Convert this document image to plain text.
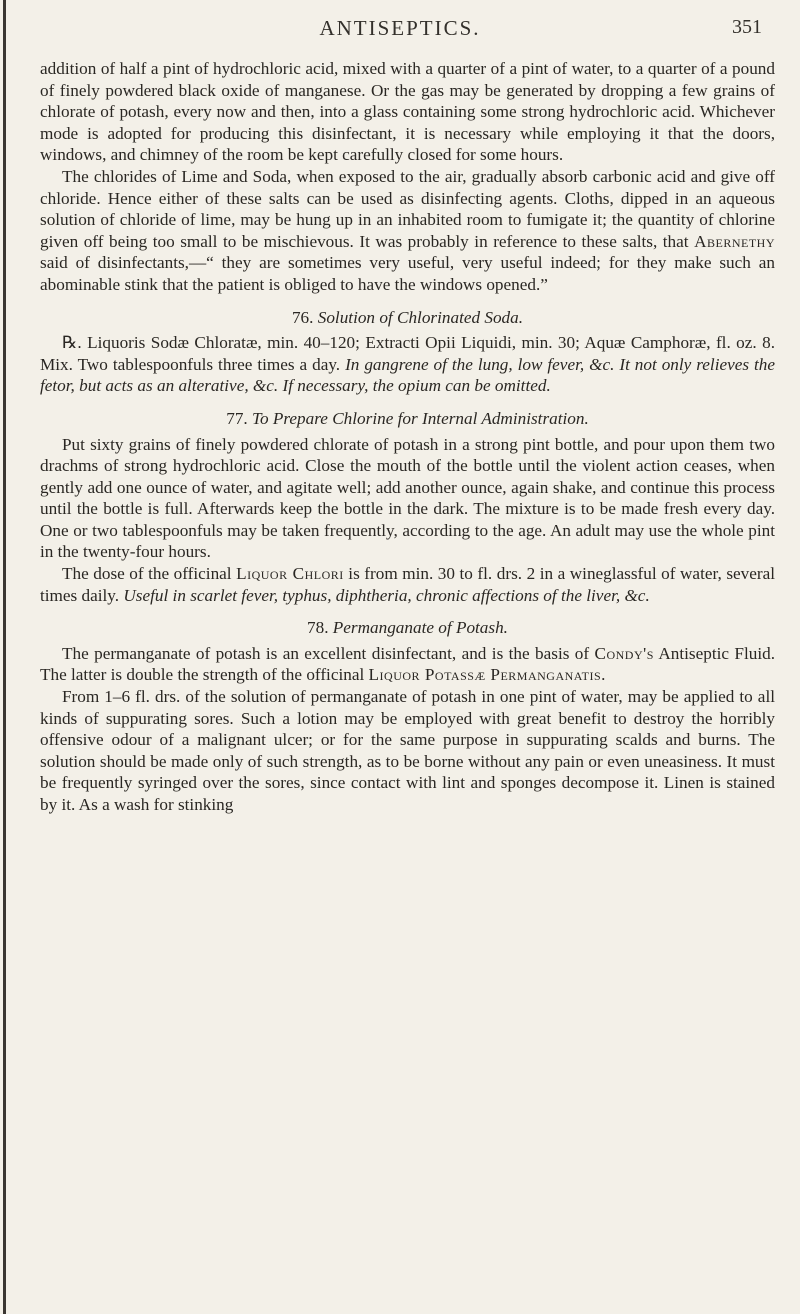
ANTISEPTICS.	351

addition of half a pint of hydrochloric acid, mixed with a quarter of a pint of water, to a quarter of a pound of finely powdered black oxide of manganese. Or the gas may be generated by dropping a few grains of chlorate of potash, every now and then, into a glass containing some strong hydrochloric acid. Whichever mode is adopted for producing this disinfectant, it is necessary while employing it that the doors, windows, and chimney of the room be kept carefully closed for some hours.

The chlorides of Lime and Soda, when exposed to the air, gradually absorb carbonic acid and give off chloride. Hence either of these salts can be used as disinfecting agents. Cloths, dipped in an aqueous solution of chloride of lime, may be hung up in an inhabited room to fumigate it; the quantity of chlorine given off being too small to be mischievous. It was probably in reference to these salts, that Abernethy said of disinfectants,—“ they are sometimes very useful, very useful indeed; for they make such an abominable stink that the patient is obliged to have the windows opened.”

76. Solution of Chlorinated Soda.

℞. Liquoris Sodæ Chloratæ, min. 40–120; Extracti Opii Liquidi, min. 30; Aquæ Camphoræ, fl. oz. 8. Mix. Two tablespoonfuls three times a day. In gangrene of the lung, low fever, &c. It not only relieves the fetor, but acts as an alterative, &c. If necessary, the opium can be omitted.

77. To Prepare Chlorine for Internal Administration.

Put sixty grains of finely powdered chlorate of potash in a strong pint bottle, and pour upon them two drachms of strong hydrochloric acid. Close the mouth of the bottle until the violent action ceases, when gently add one ounce of water, and agitate well; add another ounce, again shake, and continue this process until the bottle is full. Afterwards keep the bottle in the dark. The mixture is to be made fresh every day. One or two tablespoonfuls may be taken frequently, according to the age. An adult may use the whole pint in the twenty-four hours.

The dose of the officinal Liquor Chlori is from min. 30 to fl. drs. 2 in a wineglassful of water, several times daily. Useful in scarlet fever, typhus, diphtheria, chronic affections of the liver, &c.

78. Permanganate of Potash.

The permanganate of potash is an excellent disinfectant, and is the basis of Condy's Antiseptic Fluid. The latter is double the strength of the officinal Liquor Potassæ Permanganatis.

From 1–6 fl. drs. of the solution of permanganate of potash in one pint of water, may be applied to all kinds of suppurating sores. Such a lotion may be employed with great benefit to destroy the horribly offensive odour of a malignant ulcer; or for the same purpose in suppurating scalds and burns. The solution should be made only of such strength, as to be borne without any pain or even uneasiness. It must be frequently syringed over the sores, since contact with lint and sponges decompose it. Linen is stained by it. As a wash for stinking
